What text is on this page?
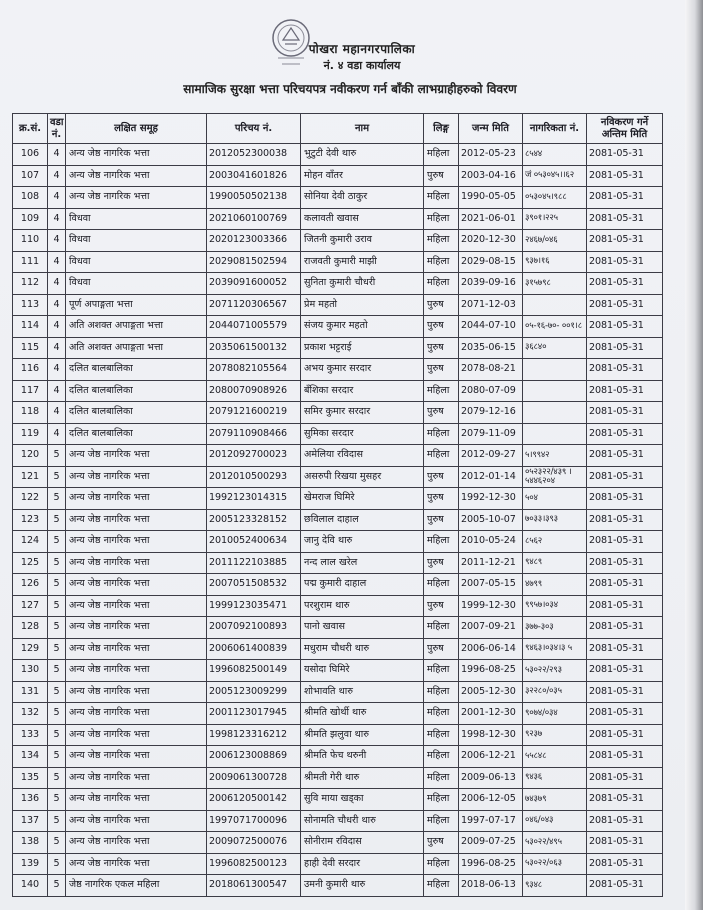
पोखरा महानगरपालिका
नं. ४ वडा कार्यालय
सामाजिक सुरक्षा भत्ता परिचयपत्र नवीकरण गर्न बाँकी लाभग्राहीहरुको विवरण
क्र.सं.	वडा नं.	लक्षित समूह	परिचय नं.	नाम	लिङ्ग	जन्म मिति	नागरिकता नं.	नविकरण गर्ने अन्तिम मिति
106	4	अन्य जेष्ठ नागरिक भत्ता	2012052300038	भुटुटी देवी थारु	महिला	2012-05-23	८५४४	2081-05-31
107	4	अन्य जेष्ठ नागरिक भत्ता	2003041601826	मोहन वाँतर	पुरुष	2003-04-16	जं ०५३०४५।।६२	2081-05-31
108	4	अन्य जेष्ठ नागरिक भत्ता	1990050502138	सोनिया देवी ठाकुर	महिला	1990-05-05	०५३०४५।९८८	2081-05-31
109	4	विधवा	2021060100769	कलावती खवास	महिला	2021-06-01	३९०१।२२५	2081-05-31
110	4	विधवा	2020123003366	जितनी कुमारी उराव	महिला	2020-12-30	२४६७/०४६	2081-05-31
111	4	विधवा	2029081502594	राजवती कुमारी माझी	महिला	2029-08-15	९३७।१६	2081-05-31
112	4	विधवा	2039091600052	सुनिता कुमारी चौधरी	महिला	2039-09-16	३१५७९८	2081-05-31
113	4	पूर्ण अपाङ्गता भत्ता	2071120306567	प्रेम महतो	पुरुष	2071-12-03		2081-05-31
114	4	अति अशक्त अपाङ्गता भत्ता	2044071005579	संजय कुमार महतो	पुरुष	2044-07-10	०५-१६-७०- ००१।८	2081-05-31
115	4	अति अशक्त अपाङ्गता भत्ता	2035061500132	प्रकाश भट्टराई	पुरुष	2035-06-15	३६८४०	2081-05-31
116	4	दलित बालबालिका	2078082105564	अभय कुमार सरदार	पुरुष	2078-08-21		2081-05-31
117	4	दलित बालबालिका	2080070908926	बँशिका सरदार	महिला	2080-07-09		2081-05-31
118	4	दलित बालबालिका	2079121600219	समिर कुमार सरदार	पुरुष	2079-12-16		2081-05-31
119	4	दलित बालबालिका	2079110908466	सुमिका सरदार	महिला	2079-11-09		2081-05-31
120	5	अन्य जेष्ठ नागरिक भत्ता	2012092700023	अमेलिया रविदास	महिला	2012-09-27	५।९९४२	2081-05-31
121	5	अन्य जेष्ठ नागरिक भत्ता	2012010500293	असरुपी रिखया मुसहर	पुरुष	2012-01-14	०५२३२२/४३९ ।५४४६२०४	2081-05-31
122	5	अन्य जेष्ठ नागरिक भत्ता	1992123014315	खेमराज घिमिरे	पुरुष	1992-12-30	५०४	2081-05-31
123	5	अन्य जेष्ठ नागरिक भत्ता	2005123328152	छविलाल दाहाल	पुरुष	2005-10-07	७०३३।३९३	2081-05-31
124	5	अन्य जेष्ठ नागरिक भत्ता	2010052400634	जानु देवि थारु	महिला	2010-05-24	८५६२	2081-05-31
125	5	अन्य जेष्ठ नागरिक भत्ता	2011122103885	नन्द लाल खरेल	पुरुष	2011-12-21	९४८९	2081-05-31
126	5	अन्य जेष्ठ नागरिक भत्ता	2007051508532	पद्म कुमारी दाहाल	महिला	2007-05-15	४७९९	2081-05-31
127	5	अन्य जेष्ठ नागरिक भत्ता	1999123035471	परशुराम थारु	पुरुष	1999-12-30	९९५७।०३४	2081-05-31
128	5	अन्य जेष्ठ नागरिक भत्ता	2007092100893	पानो खवास	महिला	2007-09-21	३७७-३०३	2081-05-31
129	5	अन्य जेष्ठ नागरिक भत्ता	2006061400839	मधुराम चौधरी थारु	पुरुष	2006-06-14	९४६३।०३४।३ ५	2081-05-31
130	5	अन्य जेष्ठ नागरिक भत्ता	1996082500149	यसोदा घिमिरे	महिला	1996-08-25	५३०२२/२९३	2081-05-31
131	5	अन्य जेष्ठ नागरिक भत्ता	2005123009299	शोभावति थारु	महिला	2005-12-30	३२२८०/०३५	2081-05-31
132	5	अन्य जेष्ठ नागरिक भत्ता	2001123017945	श्रीमति खोर्थी थारु	महिला	2001-12-30	९०७४/०३४	2081-05-31
133	5	अन्य जेष्ठ नागरिक भत्ता	1998123316212	श्रीमति झलुवा थारु	महिला	1998-12-30	९२३७	2081-05-31
134	5	अन्य जेष्ठ नागरिक भत्ता	2006123008869	श्रीमति फेच थरुनी	महिला	2006-12-21	५५८४८	2081-05-31
135	5	अन्य जेष्ठ नागरिक भत्ता	2009061300728	श्रीमती गेरी थारु	महिला	2009-06-13	९४३६	2081-05-31
136	5	अन्य जेष्ठ नागरिक भत्ता	2006120500142	सुवि माया खड्का	महिला	2006-12-05	७४३७९	2081-05-31
137	5	अन्य जेष्ठ नागरिक भत्ता	1997071700096	सोनामति चौधरी थारु	महिला	1997-07-17	०४६/०४३	2081-05-31
138	5	अन्य जेष्ठ नागरिक भत्ता	2009072500076	सोनीराम रविदास	पुरुष	2009-07-25	५३०२२/४९५	2081-05-31
139	5	अन्य जेष्ठ नागरिक भत्ता	1996082500123	हाही देवी सरदार	महिला	1996-08-25	५३०२२/०६३	2081-05-31
140	5	जेष्ठ नागरिक एकल महिला	2018061300547	उमनी कुमारी थारु	महिला	2018-06-13	९३४८	2081-05-31
